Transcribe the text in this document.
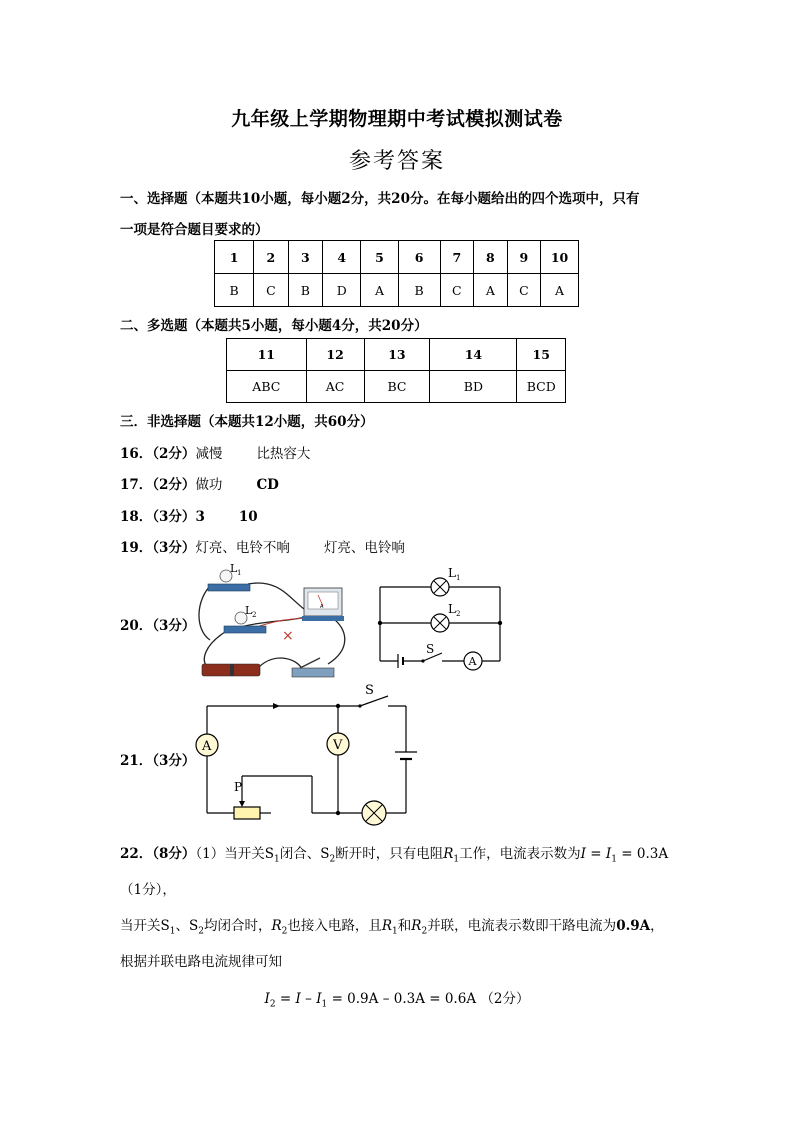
九年级上学期物理期中考试模拟测试卷
参考答案
一、选择题（本题共10小题，每小题2分，共20分。在每小题给出的四个选项中，只有
一项是符合题目要求的）
1	2	3	4	5	6	7	8	9	10
B	C	B	D	A	B	C	A	C	A
二、多选题（本题共5小题，每小题4分，共20分）
11	12	13	14	15
ABC	AC	BC	BD	BCD
三．非选择题（本题共12小题，共60分）
16．（2分）减慢	比热容大
17．（2分）做功	CD
18．（3分）3	10
19．（3分）灯亮、电铃不响	灯亮、电铃响
20．（3分）
×
L 1
L 2
A
L 1
L 2
S
A
21．（3分）
S
A
P
V
22．（8分）（1）当开关$S_1$闭合、$S_2$断开时，只有电阻$R_1$工作，电流表示数为$I = I_1 = 0.3A$
（1分），
当开关$S_1$、$S_2$均闭合时，$R_2$也接入电路，且$R_1$和$R_2$并联，电流表示数即干路电流为0.9A，
根据并联电路电流规律可知
$I_2 = I - I_1 = 0.9A - 0.3A = 0.6A$ （2分）
